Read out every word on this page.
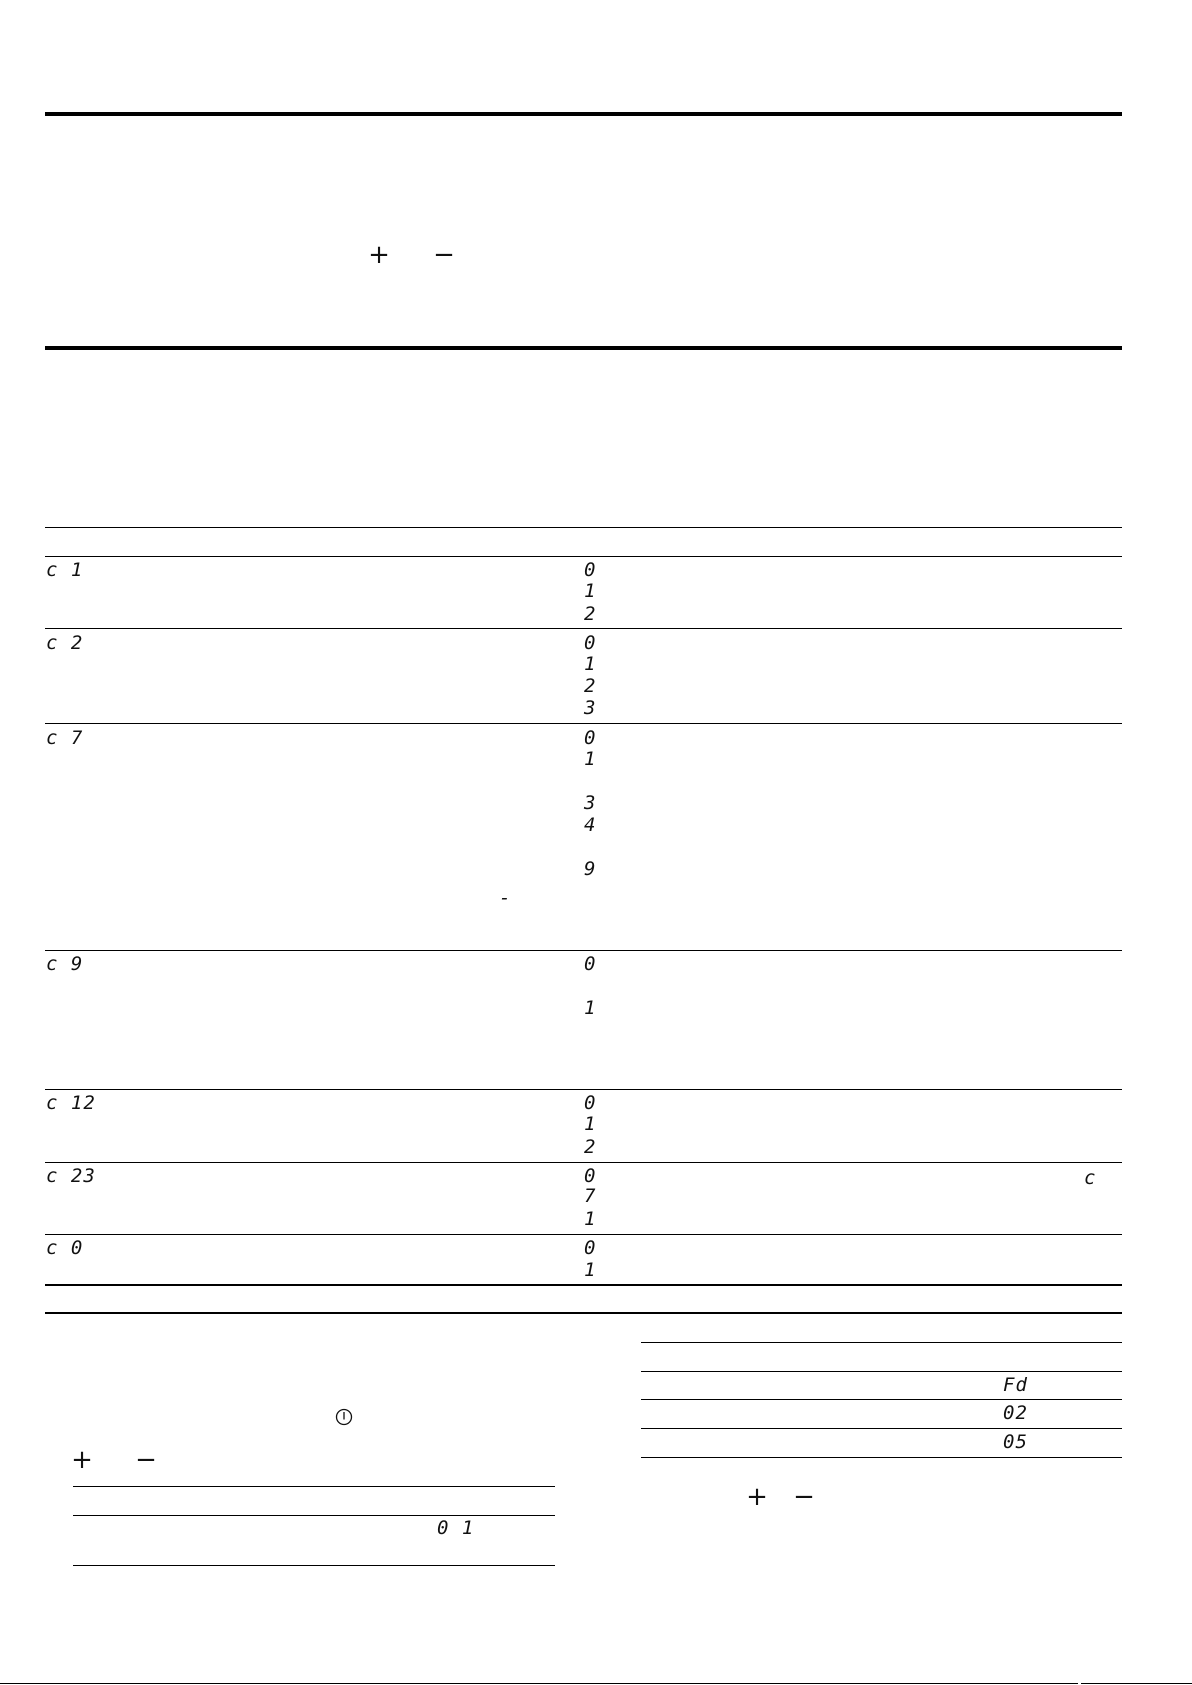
+ −
c 1	0
1
2
c 2	0
1
2
3
c 7	0
1
3
4
9
-
c 9	0
1
c 12	0
1
2
c 23	0
7
1
c
c 0	0
1
+ −
0 1
Fd
02
05
+ −
